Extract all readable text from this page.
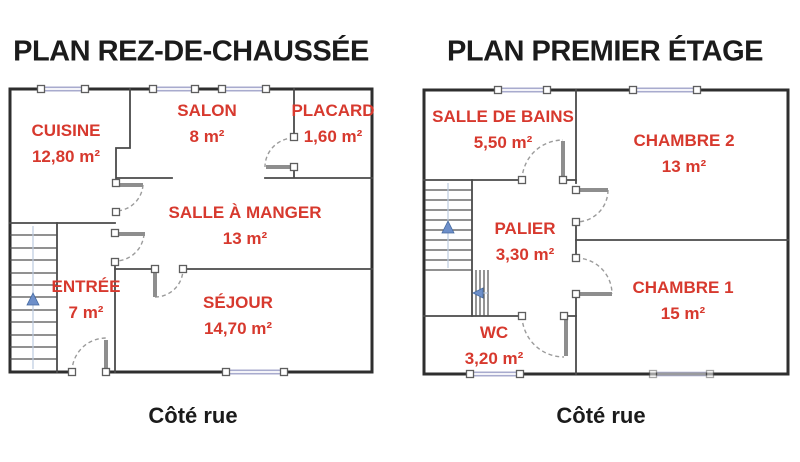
PLAN REZ-DE-CHAUSSÉE	PLAN PREMIER ÉTAGE
CUISINE
12,80 m²
SALON
8 m²
PLACARD
1,60 m²
SALLE À MANGER
13 m²
ENTRÉE
7 m²
SÉJOUR
14,70 m²
SALLE DE BAINS
5,50 m²	CHAMBRE 2
13 m²
PALIER
3,30 m²
CHAMBRE 1
15 m²
WC
3,20 m²
Côté rue	Côté rue
